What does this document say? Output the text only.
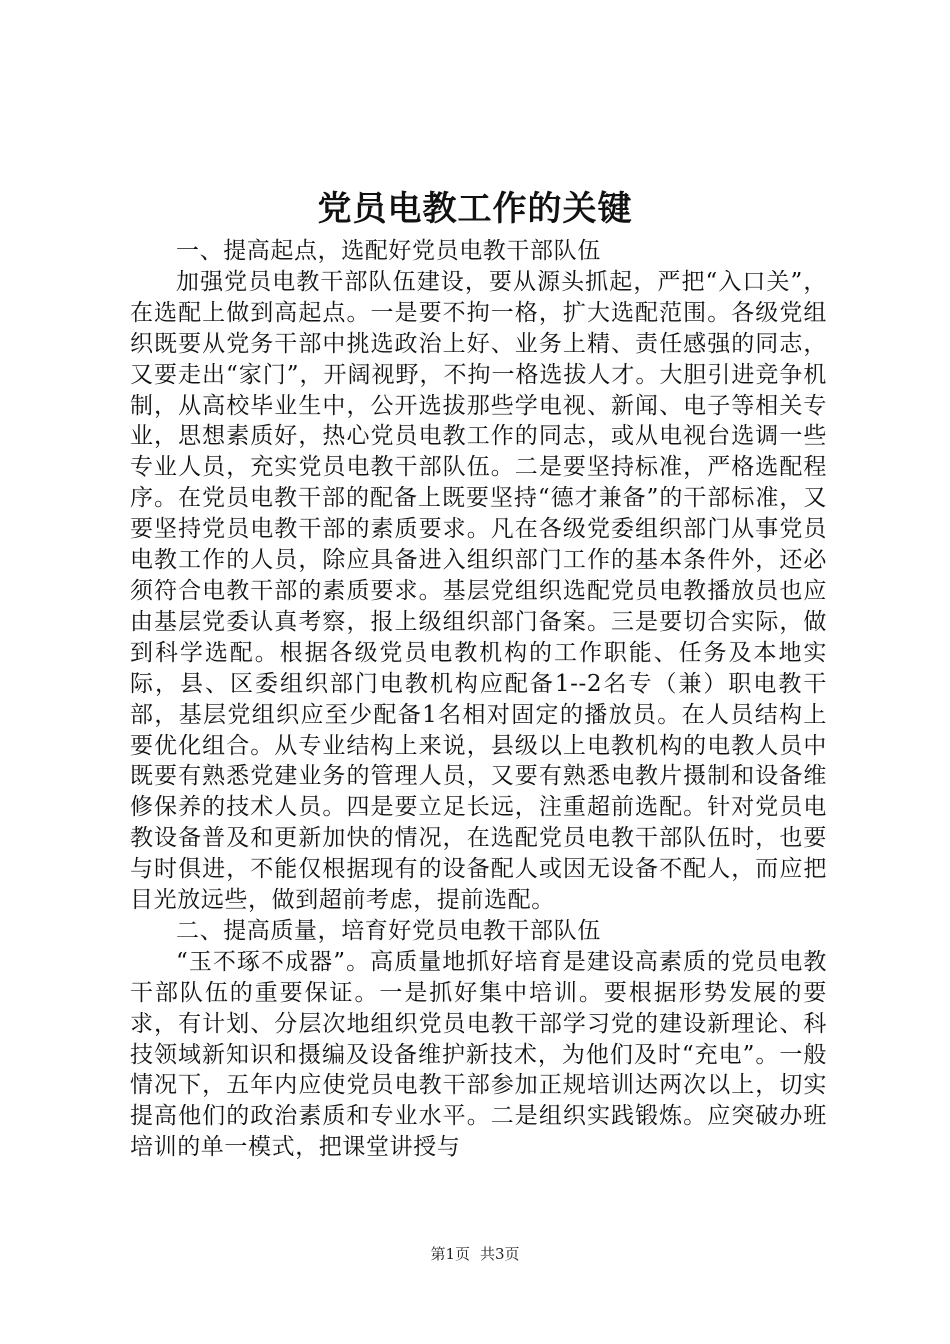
党员电教工作的关键

一、提高起点，选配好党员电教干部队伍

加强党员电教干部队伍建设，要从源头抓起，严把“入口关”，在选配上做到高起点。一是要不拘一格，扩大选配范围。各级党组织既要从党务干部中挑选政治上好、业务上精、责任感强的同志，又要走出“家门”，开阔视野，不拘一格选拔人才。大胆引进竞争机制，从高校毕业生中，公开选拔那些学电视、新闻、电子等相关专业，思想素质好，热心党员电教工作的同志，或从电视台选调一些专业人员，充实党员电教干部队伍。二是要坚持标准，严格选配程序。在党员电教干部的配备上既要坚持“德才兼备”的干部标准，又要坚持党员电教干部的素质要求。凡在各级党委组织部门从事党员电教工作的人员，除应具备进入组织部门工作的基本条件外，还必须符合电教干部的素质要求。基层党组织选配党员电教播放员也应由基层党委认真考察，报上级组织部门备案。三是要切合实际，做到科学选配。根据各级党员电教机构的工作职能、任务及本地实际，县、区委组织部门电教机构应配备1--2名专（兼）职电教干部，基层党组织应至少配备1名相对固定的播放员。在人员结构上要优化组合。从专业结构上来说，县级以上电教机构的电教人员中既要有熟悉党建业务的管理人员，又要有熟悉电教片摄制和设备维修保养的技术人员。四是要立足长远，注重超前选配。针对党员电教设备普及和更新加快的情况，在选配党员电教干部队伍时，也要与时俱进，不能仅根据现有的设备配人或因无设备不配人，而应把目光放远些，做到超前考虑，提前选配。

二、提高质量，培育好党员电教干部队伍

“玉不琢不成器”。高质量地抓好培育是建设高素质的党员电教干部队伍的重要保证。一是抓好集中培训。要根据形势发展的要求，有计划、分层次地组织党员电教干部学习党的建设新理论、科技领域新知识和摄编及设备维护新技术，为他们及时“充电”。一般情况下，五年内应使党员电教干部参加正规培训达两次以上，切实提高他们的政治素质和专业水平。二是组织实践锻炼。应突破办班培训的单一模式，把课堂讲授与

第1页 共3页
